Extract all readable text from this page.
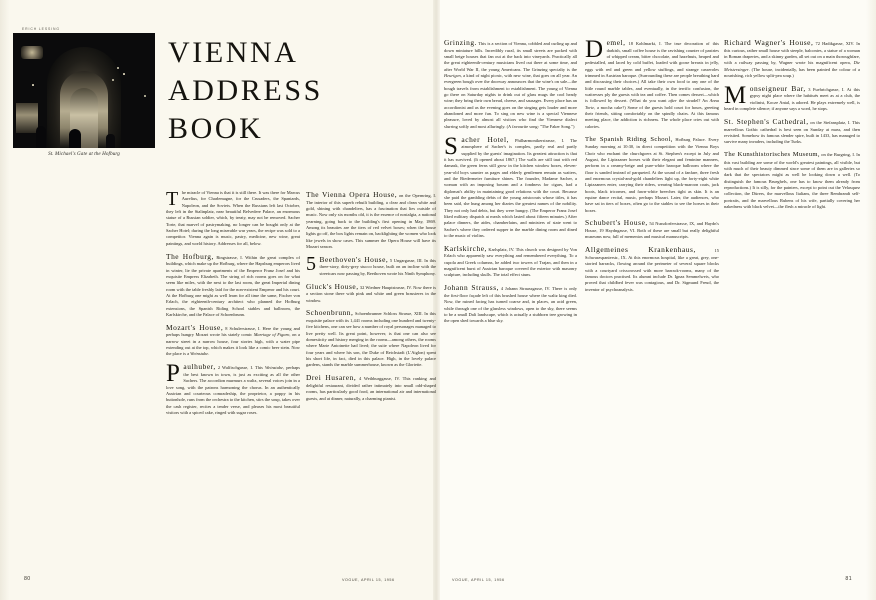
ERICH LESSING
St. Michael's Gate at the Hofburg
VIENNA
ADDRESS
BOOK

The miracle of Vienna is that it is still there. It was there for Marcus Aurelius, for Charlemagne, for the Crusaders, the Spaniards, Napoleon, and the Soviets. When the Russians left last October, they left in the Stalinplatz, near beautiful Belvedere Palace, an enormous statue of a Russian soldier, which, by treaty, may not be removed. Sacher Torte, that marvel of pastrymaking, no longer can be bought only at the Sacher Hotel; during the long miserable war years, the recipe was sold to a competitor. Vienna again is music, pastry, medicine, new wine, great paintings, and world history. Addresses for all, below.

The Hofburg, Ringstrasse, I. Within the great complex of buildings, which make up the Hofburg, where the Hapsburg emperors lived in winter, lie the private apartments of the Emperor Franz Josef and his exquisite Empress Elizabeth. The string of rich rooms goes on for what seem like miles, with the next to the last room, the great Imperial dining room with the table freshly laid for the non-existent Emperor and his court. At the Hofburg one might as well learn for all time the same, Fischer von Erlach, the eighteenth-century architect who planned the Hofburg extensions, the Spanish Riding School stables and ballroom, the Karlskirche, and the Palace of Schoenbrunn.

Mozart's House, 8 Schulerstrasse, I. Here the young and perhaps hungry Mozart wrote his stately comic Marriage of Figaro, on a narrow street in a narrow house, four stories high, with a water pipe extending out at the top, which makes it look like a comic beer stein. Now the place is a Weinstube.

Paulhuber, 2 Walfischgasse, I. This Weinstube, perhaps the best known in town, is just as exciting as all the other Sachers. The accordion murmurs a waltz, several voices join in a love song, with the patrons harmoning the chorus. In an authentically Austrian and courteous comradeship, the proprietor, a poppy in his buttonhole, runs from the orchestra to the kitchen, stirs the soup, takes over the cash register, recites a tender verse, and pleases his most beautiful visitors with a spiced cake, ringed with sugar roses.

The Vienna Opera House, on the Opernring, I. The interior of this superb rebuilt building, a clear and clean white and gold, shining with chandeliers, has a fascination that lies outside of music. Now only six months old, it is the essence of nostalgia, a national yearning, going back to the building's first opening in May, 1869. Among its beauties are the tiers of red velvet boxes; when the house lights go off, the box lights remain on, backlighting the women who look like jewels in show cases. This summer the Opera House will have its Mozart season.

5 Beethoven's House, 5 Ungargasse, III. In this three-story, dirty-grey stucco house, built on an incline with the streetcars now passing by, Beethoven wrote his Ninth Symphony.

Gluck's House, 32 Wiedner Hauptstrasse, IV. Now there is a section stone there with pink and white and green brassieres in the window.

Schoenbrunn, Schoenbrunner Schloss Strasse, XIII. In this exquisite palace with its 1,441 rooms including one hundred and twenty-five kitchens, one can see how a number of royal personages managed to live pretty well. Its great point, however, is that one can also see domesticity and history merging in the rooms—among others, the rooms where Marie Antoinette had lived; the suite where Napoleon lived for four years and where his son, the Duke of Reichstadt (L'Aiglon) spent his short life, in fact, died in this palace. High, in the lovely palace gardens, stands the marble summerhouse, known as the Gloriette.

Drei Husaren, 4 Weihburggasse, IV. This ranking and delightful restaurant, divided rather intimately into small odd-shaped rooms, has particularly good food, an international air and international guests, and at dinner, naturally, a charming pianist.

Grinzing. This is a section of Vienna, cobbled and curling up and down miniature hills. Incredibly rural, its small streets are packed with small beige houses that fan out at the back into vineyards. Practically all the great eighteenth-century musicians lived out there at some time, and after World War II, the young Americans. The Grinzing specialty is the Heurigen, a kind of night picnic, with new wine, that goes on all year. An evergreen bough over the doorway announces that the wine's on sale—the bough travels from establishment to establishment. The young of Vienna go there on Saturday nights to drink out of glass mugs the cool heady wine; they bring their own bread, cheese, and sausages. Every place has an accordionist and as the evening goes on the singing gets louder and more abandoned and more fun. To sing on new wine is a special Viennese pleasure, loved by almost all visitors who find the Viennese dialect slurring softly and most alluringly. (A favourite song: "The Faker Song.")

Sacher Hotel, Philharmonikerstrasse, I. The atmosphere of Sacher's is complex, partly real and partly supplied by the guests' imagination. Its greatest attraction is that it has survived. (It opened about 1867.) The walls are still taut with red damask, the green ferns still grow in the kitchen window boxes, eleven-year-old boys saunter as pages and elderly gentlemen remain as waiters, and the Biedermeier furniture shines. The founder, Madame Sacher, a woman with an imposing bosom and a fondness for cigars, had a diplomat's ability in maintaining good relations with the court. Because she paid the gambling debts of the young aristocrats whose titles, it has been said, she hung among her diaries the greatest names of the nobility. They not only had debts, but they were hungry. (The Emperor Franz Josef liked military dispatch at meals which lasted about fifteen minutes.) After palace dinners, the aides, chamberlains, and ministers of state went to Sacher's where they ordered supper in the marble dining room and dined to the music of violins.

Karlskirche, Karlsplatz, IV. This church was designed by Von Erlach who apparently saw everything and remembered everything. To a cupola and Greek columns, he added two towers of Trajan, and then in a magnificent burst of Austrian baroque covered the exterior with masonry sculpture, including skulls. The total effect stuns.

Johann Strauss, 4 Johann Straussgasse, IV. There is only the first-floor façade left of this brushed house where the waltz king died. Now, the ruined facing has turned coarse and, in places, an acid green, while through one of the glassless windows, open to the sky, there seems to be a small Dali landscape, which is actually a stubborn tree growing in the open shed towards a blue sky.

Demel, 18 Kohlmarkt, I. The true decoration of this darkish, small coffee house is the ravishing counter of pastries of whipped cream, bitter chocolate, and hazelnuts, heaped and pedestalled, and laced by cold buffet, loaded with goose breasts in jelly, eggs with red and green and yellow stuffings, and strange casseroles trimmed in Austrian baroque. (Surrounding these are people breathing hard and discussing their choices.) All take their own food to any one of the little round marble tables, and eventually, in the terrific confusion, the waitresses ply the guests with tea and coffee. Then comes dessert—which is followed by dessert. (What do you want after the strudel? An Anna Torte, a mocha cake?) Some of the guests hold court for hours, greeting their friends, sitting comfortably on the spindly chairs. At this famous meeting place, the addiction is richness. The whole place cries out with calories.

The Spanish Riding School, Hofburg Palace. Every Sunday morning at 10:30, in direct competition with the Vienna Boys Choir who enchant the churchgoers at St. Stephen's except in July and August, the Lipizzaner horses with their elegant and feminine manners, perform in a creamy-beige and pure-white baroque ballroom where the floor is sanded instead of parqueted. At the sound of a fanfare, three fresh and enormous crystal-and-gold chandeliers light up, the forty-eight white Lipizzaners enter, carrying their riders, wearing black-maroon coats, jack boots, black tricornes, and fawn-white breeches tight as skin. It is an equine dance recital, music, perhaps Mozart. Later, the audiences, who have sat in tiers of boxes, often go to the stables to see the horses in their boxes.

Schubert's House, 54 Nussdorferstrasse, IX, and Haydn's House, 19 Haydngasse, VI. Both of these are small but really delightful museums now, full of mementos and musical manuscripts.

Allgemeines Krankenhaus, 15 Schwarzspanierstr., IX. At this enormous hospital, like a great, grey, one-storied barracks, flowing around the perimeter of several square blocks with a courtyard crisscrossed with more barrack-rooms, many of the famous doctors practised. Its alumni include Dr. Ignaz Semmelweis, who proved that childbed fever was contagious, and Dr. Sigmund Freud, the inventor of psychoanalysis.

Richard Wagner's House, 72 Hadikgasse, XIV. In this curious, rather small house with steeple, balconies, a statue of a woman in Roman draperies, and a skinny garden, all set out on a main thoroughfare, with a railway passing by, Wagner wrote his magnificent opera, Die Meistersinger. (The house, incidentally, has been painted the colour of a nourishing, rich yellow split-pea soup.)

Monseigneur Bar, 3 Fuehrichgasse, I. At this gypsy night place where the habitués meet as at a club, the violinist, Kocze Antal, is adored. He plays extremely well, is heard in complete silence; if anyone says a word, he stops.

St. Stephen's Cathedral, on the Stefansplatz, I. This marvellous Gothic cathedral is best seen on Sunday at mass, and then revisited. Somehow its famous slender spire, built in 1433, has managed to survive many invaders, including the Turks.

The Kunsthistorisches Museum, on the Burgring, I. In this vast building are some of the world's greatest paintings, all visible, but with much of their beauty dimmed since some of them are in galleries so dark that the spectators might as well be looking down a well. (To distinguish the famous Brueghels, one has to know them already from reproductions.) It is silly, for the painters, except to point out the Velasquez collection, the Dürers, the marvellous Italians, the three Rembrandt self-portraits, and the marvellous Rubens of his wife, partially covering her nakedness with black velvet—the flesh a miracle of light.

80	VOGUE, APRIL 15, 1956	VOGUE, APRIL 15, 1956	81
